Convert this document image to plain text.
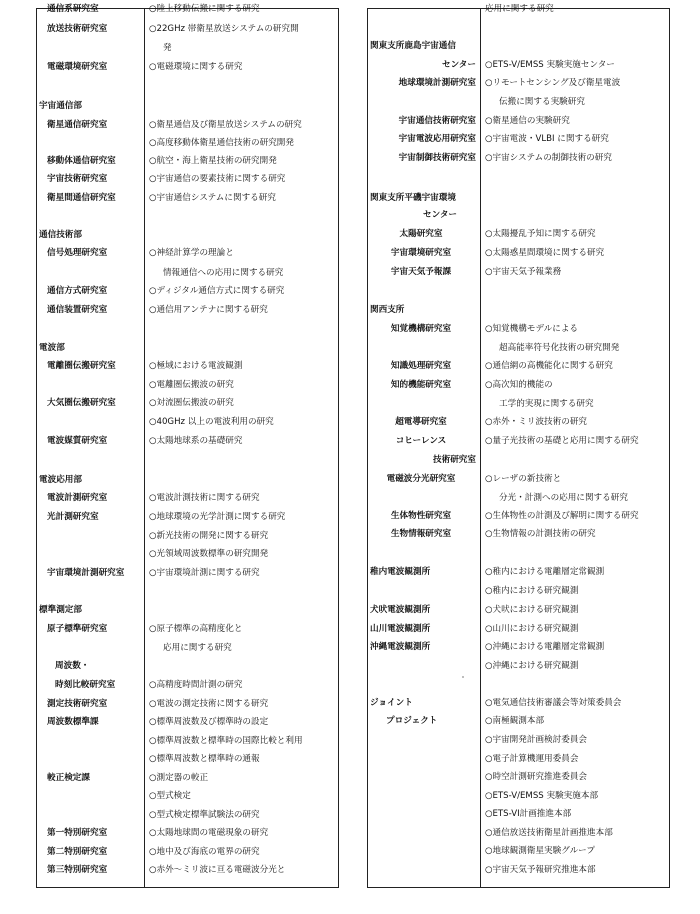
通信系研究室	○陸上移動伝搬に関する研究
放送技術研究室	○22GHz 帯衛星放送システムの研究開
発
電磁環境研究室	○電磁環境に関する研究
宇宙通信部
衛星通信研究室	○衛星通信及び衛星放送システムの研究
○高度移動体衛星通信技術の研究開発
移動体通信研究室	○航空・海上衛星技術の研究開発
宇宙技術研究室	○宇宙通信の要素技術に関する研究
衛星間通信研究室	○宇宙通信システムに関する研究
通信技術部
信号処理研究室	○神経計算学の理論と
情報通信への応用に関する研究
通信方式研究室	○ディジタル通信方式に関する研究
通信装置研究室	○通信用アンテナに関する研究
電波部
電離圏伝搬研究室	○極域における電波観測
○電離圏伝搬波の研究
大気圏伝搬研究室	○対流圏伝搬波の研究
○40GHz 以上の電波利用の研究
電波媒質研究室	○太陽地球系の基礎研究
電波応用部
電波計測研究室	○電波計測技術に関する研究
光計測研究室	○地球環境の光学計測に関する研究
○新光技術の開発に関する研究
○光領域周波数標準の研究開発
宇宙環境計測研究室	○宇宙環境計測に関する研究
標準測定部
原子標準研究室	○原子標準の高精度化と
応用に関する研究
周波数・
時刻比較研究室	○高精度時間計測の研究
測定技術研究室	○電波の測定技術に関する研究
周波数標準課	○標準周波数及び標準時の設定
○標準周波数と標準時の国際比較と利用
○標準周波数と標準時の通報
較正検定課	○測定器の較正
○型式検定
○型式検定標準試験法の研究
第一特別研究室	○太陽地球間の電磁現象の研究
第二特別研究室	○地中及び海底の電界の研究
第三特別研究室	○赤外～ミリ波に亘る電磁波分光と
応用に関する研究
関東支所鹿島宇宙通信
センター ○ETS-V/EMSS 実験実施センター
地球環境計測研究室 ○リモートセンシング及び衛星電波
伝搬に関する実験研究
宇宙通信技術研究室 ○衛星通信の実験研究
宇宙電波応用研究室 ○宇宙電波・VLBI に関する研究
宇宙制御技術研究室 ○宇宙システムの制御技術の研究
関東支所平磯宇宙環境
センター
太陽研究室	○太陽擾乱予知に関する研究
宇宙環境研究室	○太陽惑星間環境に関する研究
宇宙天気予報課	○宇宙天気予報業務
関西支所
知覚機構研究室	○知覚機構モデルによる
超高能率符号化技術の研究開発
知識処理研究室	○通信網の高機能化に関する研究
知的機能研究室	○高次知的機能の
工学的実現に関する研究
超電導研究室	○赤外・ミリ波技術の研究
コヒーレンス	○量子光技術の基礎と応用に関する研究
技術研究室
電磁波分光研究室	○レーザの新技術と
分光・計測への応用に関する研究
生体物性研究室	○生体物性の計測及び解明に関する研究
生物情報研究室	○生物情報の計測技術の研究
稚内電波観測所	○稚内における電離層定常観測
○稚内における研究観測
犬吠電波観測所	○犬吠における研究観測
山川電波観測所	○山川における研究観測
沖縄電波観測所	○沖縄における電離層定常観測
○沖縄における研究観測
ジョイント	○電気通信技術審議会等対策委員会
プロジェクト	○南極観測本部
○宇宙開発計画検討委員会
○電子計算機運用委員会
○時空計測研究推進委員会
○ETS-V/EMSS 実験実施本部
○ETS-VI計画推進本部
○通信放送技術衛星計画推進本部
○地球観測衛星実験グループ
○宇宙天気予報研究推進本部
